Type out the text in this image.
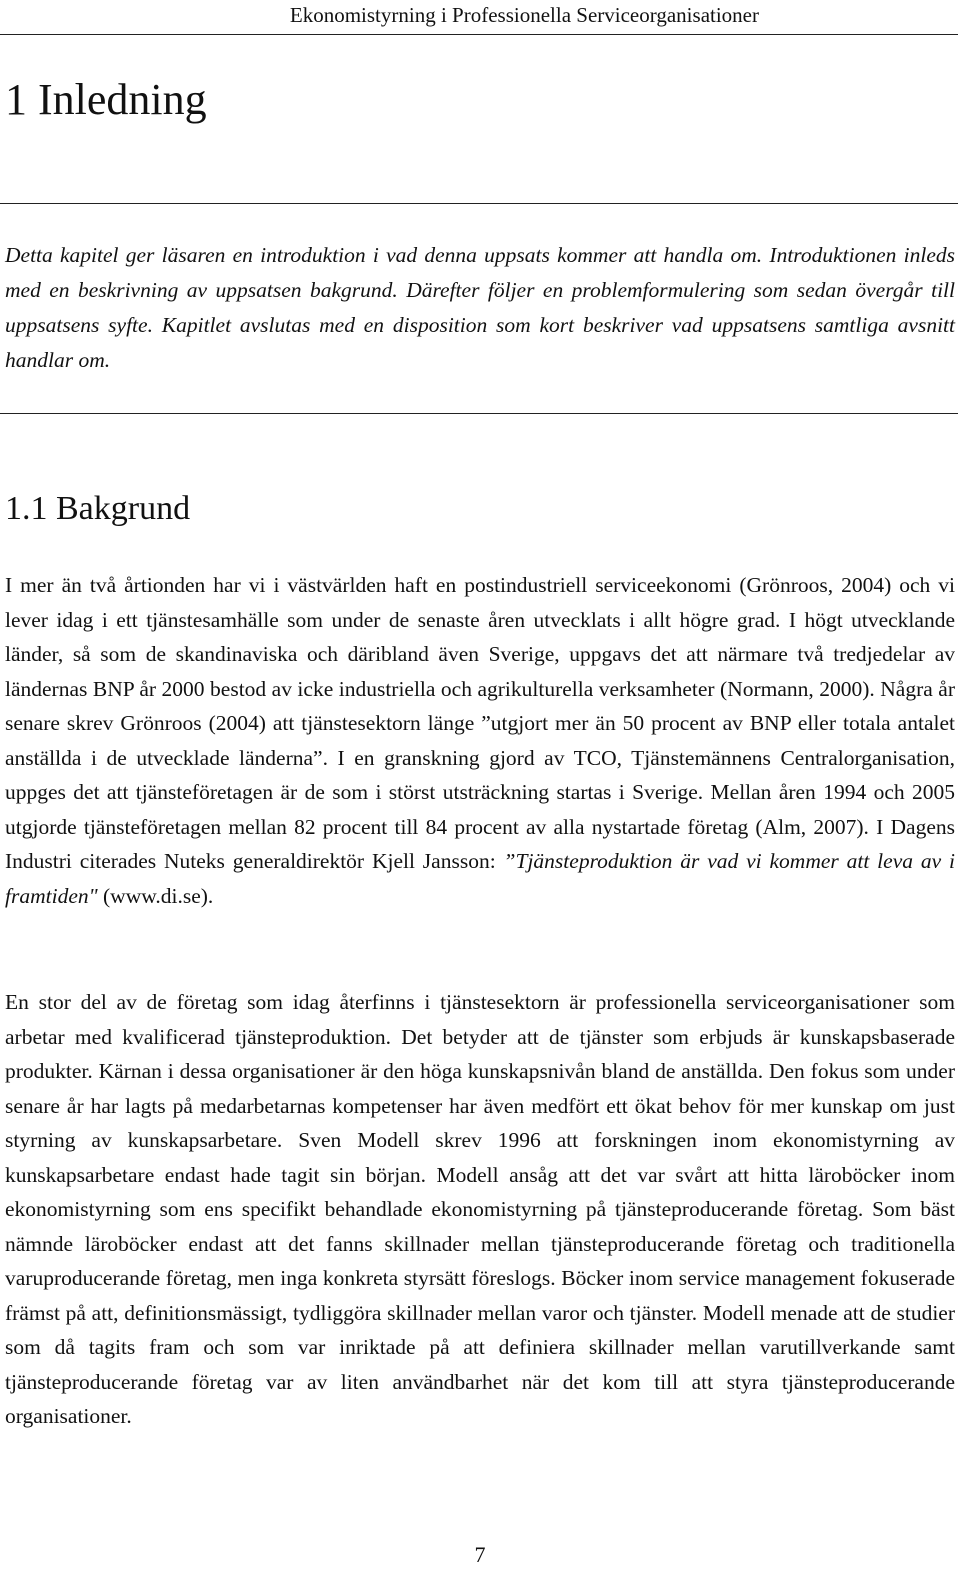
Ekonomistyrning i Professionella Serviceorganisationer
1 Inledning

Detta kapitel ger läsaren en introduktion i vad denna uppsats kommer att handla om. Introduktionen inleds med en beskrivning av uppsatsen bakgrund. Därefter följer en problemformulering som sedan övergår till uppsatsens syfte. Kapitlet avslutas med en disposition som kort beskriver vad uppsatsens samtliga avsnitt handlar om.

1.1 Bakgrund

I mer än två årtionden har vi i västvärlden haft en postindustriell serviceekonomi (Grönroos, 2004) och vi lever idag i ett tjänstesamhälle som under de senaste åren utvecklats i allt högre grad. I högt utvecklande länder, så som de skandinaviska och däribland även Sverige, uppgavs det att närmare två tredjedelar av ländernas BNP år 2000 bestod av icke industriella och agrikulturella verksamheter (Normann, 2000). Några år senare skrev Grönroos (2004) att tjänstesektorn länge ”utgjort mer än 50 procent av BNP eller totala antalet anställda i de utvecklade länderna”. I en granskning gjord av TCO, Tjänstemännens Centralorganisation, uppges det att tjänsteföretagen är de som i störst utsträckning startas i Sverige. Mellan åren 1994 och 2005 utgjorde tjänsteföretagen mellan 82 procent till 84 procent av alla nystartade företag (Alm, 2007). I Dagens Industri citerades Nuteks generaldirektör Kjell Jansson: ”Tjänsteproduktion är vad vi kommer att leva av i framtiden" (www.di.se).

En stor del av de företag som idag återfinns i tjänstesektorn är professionella serviceorganisationer som arbetar med kvalificerad tjänsteproduktion. Det betyder att de tjänster som erbjuds är kunskapsbaserade produkter. Kärnan i dessa organisationer är den höga kunskapsnivån bland de anställda. Den fokus som under senare år har lagts på medarbetarnas kompetenser har även medfört ett ökat behov för mer kunskap om just styrning av kunskapsarbetare. Sven Modell skrev 1996 att forskningen inom ekonomistyrning av kunskapsarbetare endast hade tagit sin början. Modell ansåg att det var svårt att hitta läroböcker inom ekonomistyrning som ens specifikt behandlade ekonomistyrning på tjänsteproducerande företag. Som bäst nämnde läroböcker endast att det fanns skillnader mellan tjänsteproducerande företag och traditionella varuproducerande företag, men inga konkreta styrsätt föreslogs. Böcker inom service management fokuserade främst på att, definitionsmässigt, tydliggöra skillnader mellan varor och tjänster. Modell menade att de studier som då tagits fram och som var inriktade på att definiera skillnader mellan varutillverkande samt tjänsteproducerande företag var av liten användbarhet när det kom till att styra tjänsteproducerande organisationer.

7
